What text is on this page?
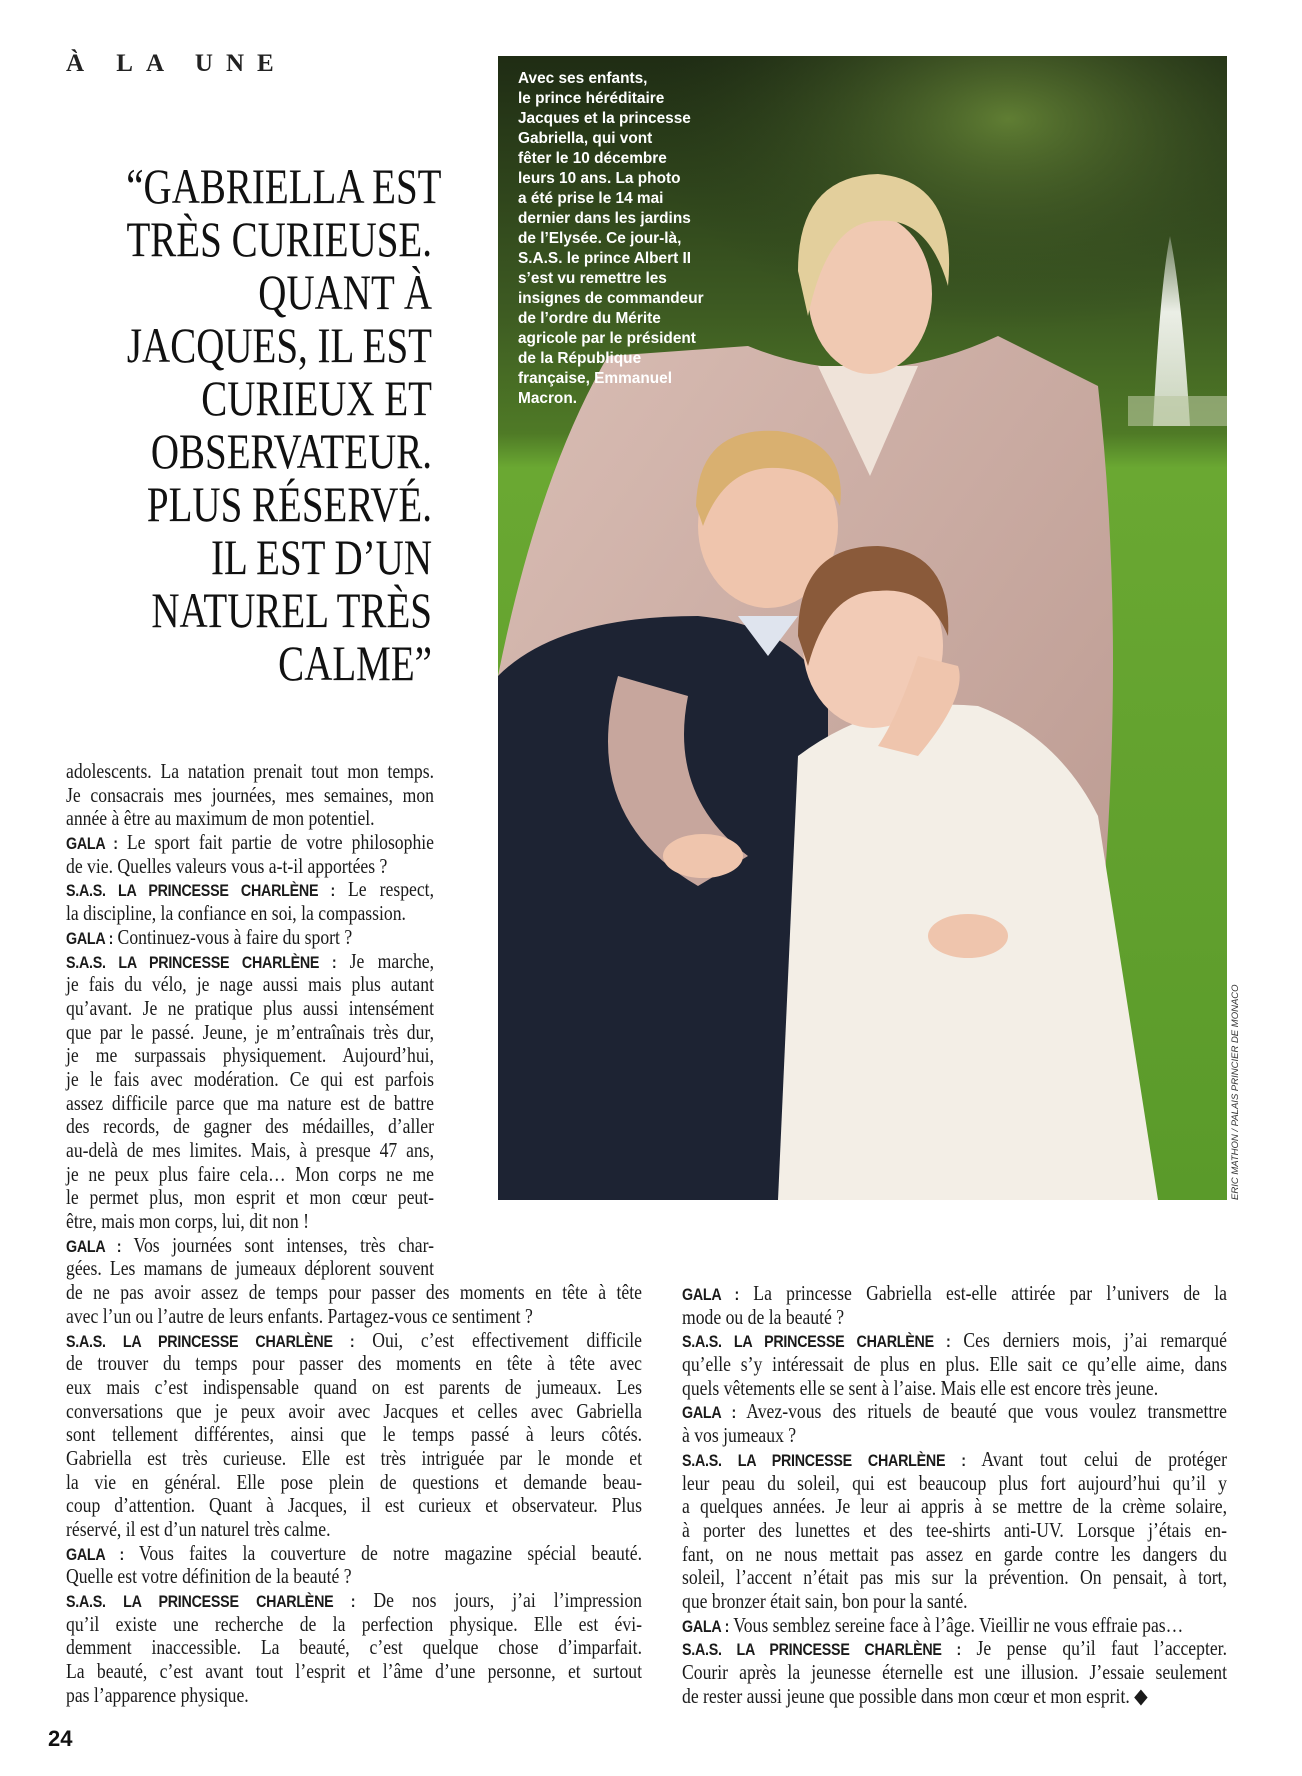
À LA UNE
“GABRIELLA EST
TRÈS CURIEUSE.
QUANT À
JACQUES, IL EST
CURIEUX ET
OBSERVATEUR.
PLUS RÉSERVÉ.
IL EST D’UN
NATUREL TRÈS
CALME”
Avec ses enfants,
le prince héréditaire
Jacques et la princesse
Gabriella, qui vont
fêter le 10 décembre
leurs 10 ans. La photo
a été prise le 14 mai
dernier dans les jardins
de l’Elysée. Ce jour-là,
S.A.S. le prince Albert II
s’est vu remettre les
insignes de commandeur
de l’ordre du Mérite
agricole par le président
de la République
française, Emmanuel
Macron.
ERIC MATHON / PALAIS PRINCIER DE MONACO
adolescents. La natation prenait tout mon temps.
Je consacrais mes journées, mes semaines, mon
année à être au maximum de mon potentiel.
GALA : Le sport fait partie de votre philosophie
de vie. Quelles valeurs vous a-t-il apportées ?
S.A.S. LA PRINCESSE CHARLÈNE : Le respect,
la discipline, la confiance en soi, la compassion.
GALA : Continuez-vous à faire du sport ?
S.A.S. LA PRINCESSE CHARLÈNE : Je marche,
je fais du vélo, je nage aussi mais plus autant
qu’avant. Je ne pratique plus aussi intensément
que par le passé. Jeune, je m’entraînais très dur,
je me surpassais physiquement. Aujourd’hui,
je le fais avec modération. Ce qui est parfois
assez difficile parce que ma nature est de battre
des records, de gagner des médailles, d’aller
au-delà de mes limites. Mais, à presque 47 ans,
je ne peux plus faire cela… Mon corps ne me
le permet plus, mon esprit et mon cœur peut-
être, mais mon corps, lui, dit non !
GALA : Vos journées sont intenses, très char-
gées. Les mamans de jumeaux déplorent souvent
de ne pas avoir assez de temps pour passer des moments en tête à tête
avec l’un ou l’autre de leurs enfants. Partagez-vous ce sentiment ?
S.A.S. LA PRINCESSE CHARLÈNE : Oui, c’est effectivement difficile
de trouver du temps pour passer des moments en tête à tête avec
eux mais c’est indispensable quand on est parents de jumeaux. Les
conversations que je peux avoir avec Jacques et celles avec Gabriella
sont tellement différentes, ainsi que le temps passé à leurs côtés.
Gabriella est très curieuse. Elle est très intriguée par le monde et
la vie en général. Elle pose plein de questions et demande beau-
coup d’attention. Quant à Jacques, il est curieux et observateur. Plus
réservé, il est d’un naturel très calme.
GALA : Vous faites la couverture de notre magazine spécial beauté.
Quelle est votre définition de la beauté ?
S.A.S. LA PRINCESSE CHARLÈNE : De nos jours, j’ai l’impression
qu’il existe une recherche de la perfection physique. Elle est évi-
demment inaccessible. La beauté, c’est quelque chose d’imparfait.
La beauté, c’est avant tout l’esprit et l’âme d’une personne, et surtout
pas l’apparence physique.
GALA : La princesse Gabriella est-elle attirée par l’univers de la
mode ou de la beauté ?
S.A.S. LA PRINCESSE CHARLÈNE : Ces derniers mois, j’ai remarqué
qu’elle s’y intéressait de plus en plus. Elle sait ce qu’elle aime, dans
quels vêtements elle se sent à l’aise. Mais elle est encore très jeune.
GALA : Avez-vous des rituels de beauté que vous voulez transmettre
à vos jumeaux ?
S.A.S. LA PRINCESSE CHARLÈNE : Avant tout celui de protéger
leur peau du soleil, qui est beaucoup plus fort aujourd’hui qu’il y
a quelques années. Je leur ai appris à se mettre de la crème solaire,
à porter des lunettes et des tee-shirts anti-UV. Lorsque j’étais en-
fant, on ne nous mettait pas assez en garde contre les dangers du
soleil, l’accent n’était pas mis sur la prévention. On pensait, à tort,
que bronzer était sain, bon pour la santé.
GALA : Vous semblez sereine face à l’âge. Vieillir ne vous effraie pas…
S.A.S. LA PRINCESSE CHARLÈNE : Je pense qu’il faut l’accepter.
Courir après la jeunesse éternelle est une illusion. J’essaie seulement
de rester aussi jeune que possible dans mon cœur et mon esprit. ◆
24
